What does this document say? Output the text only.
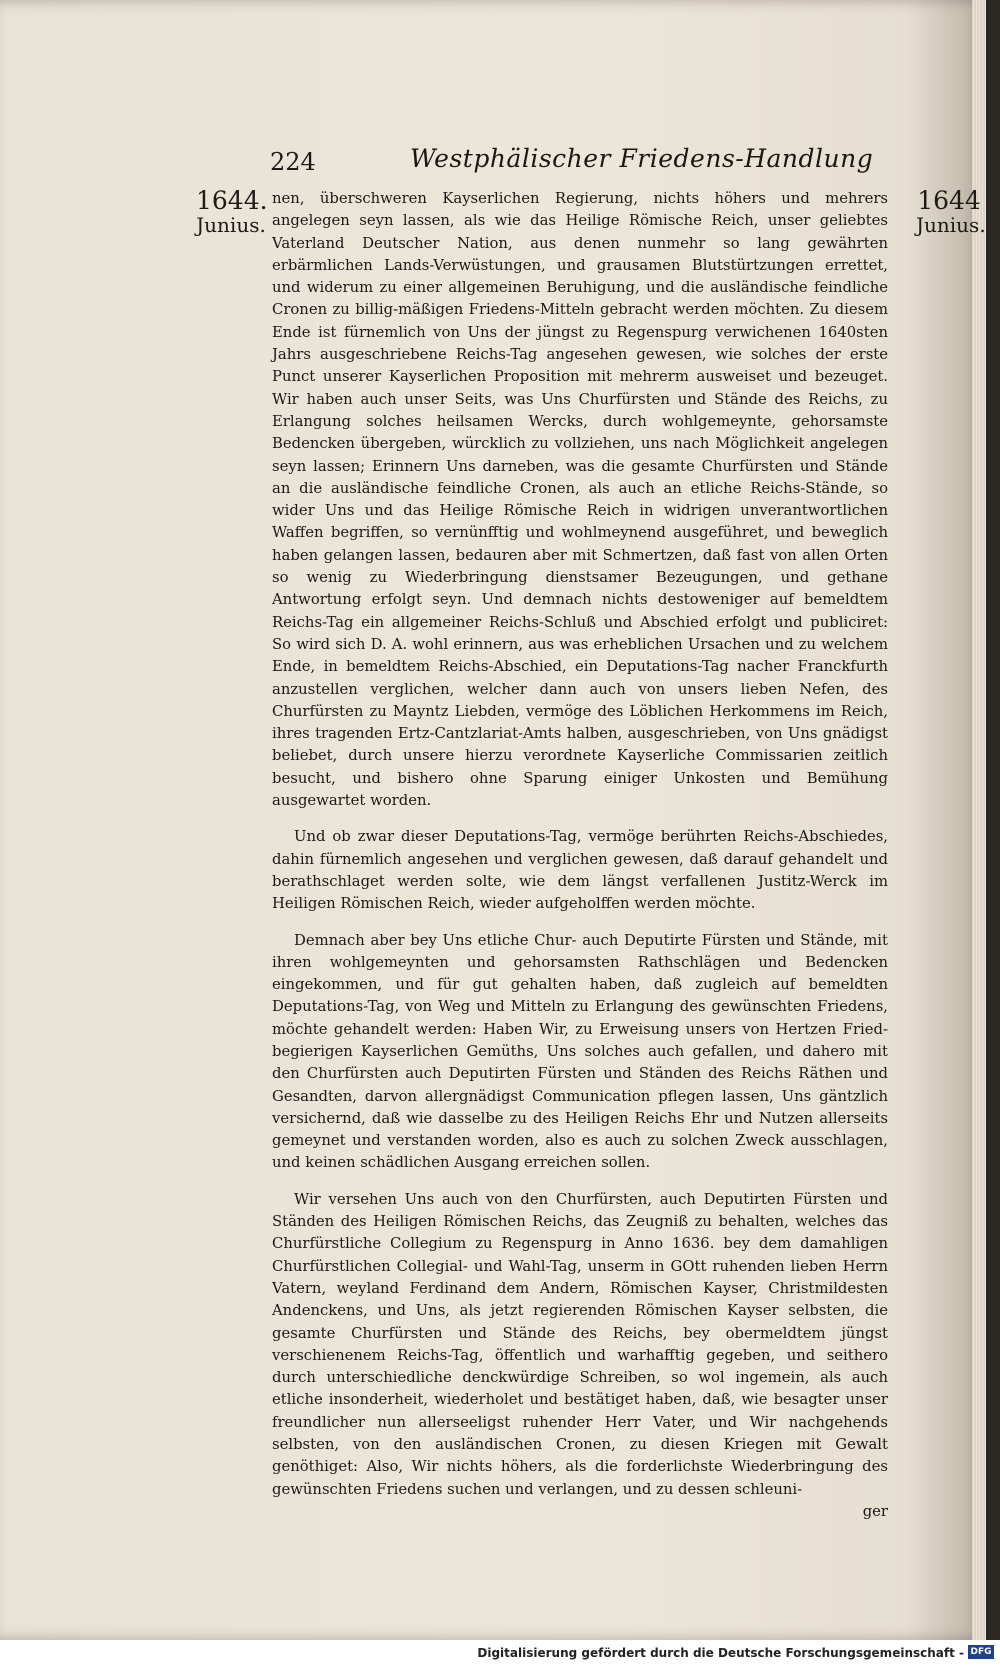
224	Westphälischer Friedens-Handlung
1644.
Junius.
1644
Junius.

nen, überschweren Kayserlichen Regierung, nichts höhers und mehrers angelegen seyn lassen, als wie das Heilige Römische Reich, unser geliebtes Vaterland Deutscher Nation, aus denen nunmehr so lang gewährten erbärmlichen Lands-Verwüstungen, und grausamen Blutstürtzungen errettet, und widerum zu einer allgemeinen Beruhigung, und die ausländische feindliche Cronen zu billig-mäßigen Friedens-Mitteln gebracht werden möchten. Zu diesem Ende ist fürnemlich von Uns der jüngst zu Regenspurg verwichenen 1640sten Jahrs ausgeschriebene Reichs-Tag angesehen gewesen, wie solches der erste Punct unserer Kayserlichen Proposition mit mehrerm ausweiset und bezeuget. Wir haben auch unser Seits, was Uns Churfürsten und Stände des Reichs, zu Erlangung solches heilsamen Wercks, durch wohlgemeynte, gehorsamste Bedencken übergeben, würcklich zu vollziehen, uns nach Möglichkeit angelegen seyn lassen; Erinnern Uns darneben, was die gesamte Churfürsten und Stände an die ausländische feindliche Cronen, als auch an etliche Reichs-Stände, so wider Uns und das Heilige Römische Reich in widrigen unverantwortlichen Waffen begriffen, so vernünfftig und wohlmeynend ausgeführet, und beweglich haben gelangen lassen, bedauren aber mit Schmertzen, daß fast von allen Orten so wenig zu Wiederbringung dienstsamer Bezeugungen, und gethane Antwortung erfolgt seyn. Und demnach nichts destoweniger auf bemeldtem Reichs-Tag ein allgemeiner Reichs-Schluß und Abschied erfolgt und publiciret: So wird sich D. A. wohl erinnern, aus was erheblichen Ursachen und zu welchem Ende, in bemeldtem Reichs-Abschied, ein Deputations-Tag nacher Franckfurth anzustellen verglichen, welcher dann auch von unsers lieben Nefen, des Churfürsten zu Mayntz Liebden, vermöge des Löblichen Herkommens im Reich, ihres tragenden Ertz-Cantzlariat-Amts halben, ausgeschrieben, von Uns gnädigst beliebet, durch unsere hierzu verordnete Kayserliche Commissarien zeitlich besucht, und bishero ohne Sparung einiger Unkosten und Bemühung ausgewartet worden.

Und ob zwar dieser Deputations-Tag, vermöge berührten Reichs-Abschiedes, dahin fürnemlich angesehen und verglichen gewesen, daß darauf gehandelt und berathschlaget werden solte, wie dem längst verfallenen Justitz-Werck im Heiligen Römischen Reich, wieder aufgeholffen werden möchte.

Demnach aber bey Uns etliche Chur- auch Deputirte Fürsten und Stände, mit ihren wohlgemeynten und gehorsamsten Rathschlägen und Bedencken eingekommen, und für gut gehalten haben, daß zugleich auf bemeldten Deputations-Tag, von Weg und Mitteln zu Erlangung des gewünschten Friedens, möchte gehandelt werden: Haben Wir, zu Erweisung unsers von Hertzen Fried-begierigen Kayserlichen Gemüths, Uns solches auch gefallen, und dahero mit den Churfürsten auch Deputirten Fürsten und Ständen des Reichs Räthen und Gesandten, darvon allergnädigst Communication pflegen lassen, Uns gäntzlich versichernd, daß wie dasselbe zu des Heiligen Reichs Ehr und Nutzen allerseits gemeynet und verstanden worden, also es auch zu solchen Zweck ausschlagen, und keinen schädlichen Ausgang erreichen sollen.

Wir versehen Uns auch von den Churfürsten, auch Deputirten Fürsten und Ständen des Heiligen Römischen Reichs, das Zeugniß zu behalten, welches das Churfürstliche Collegium zu Regenspurg in Anno 1636. bey dem damahligen Churfürstlichen Collegial- und Wahl-Tag, unserm in GOtt ruhenden lieben Herrn Vatern, weyland Ferdinand dem Andern, Römischen Kayser, Christmildesten Andenckens, und Uns, als jetzt regierenden Römischen Kayser selbsten, die gesamte Churfürsten und Stände des Reichs, bey obermeldtem jüngst verschienenem Reichs-Tag, öffentlich und warhafftig gegeben, und seithero durch unterschiedliche denckwürdige Schreiben, so wol ingemein, als auch etliche insonderheit, wiederholet und bestätiget haben, daß, wie besagter unser freundlicher nun allerseeligst ruhender Herr Vater, und Wir nachgehends selbsten, von den ausländischen Cronen, zu diesen Kriegen mit Gewalt genöthiget: Also, Wir nichts höhers, als die forderlichste Wiederbringung des gewünschten Friedens suchen und verlangen, und zu dessen schleuni-

ger

Digitalisierung gefördert durch die Deutsche Forschungsgemeinschaft - DFG
